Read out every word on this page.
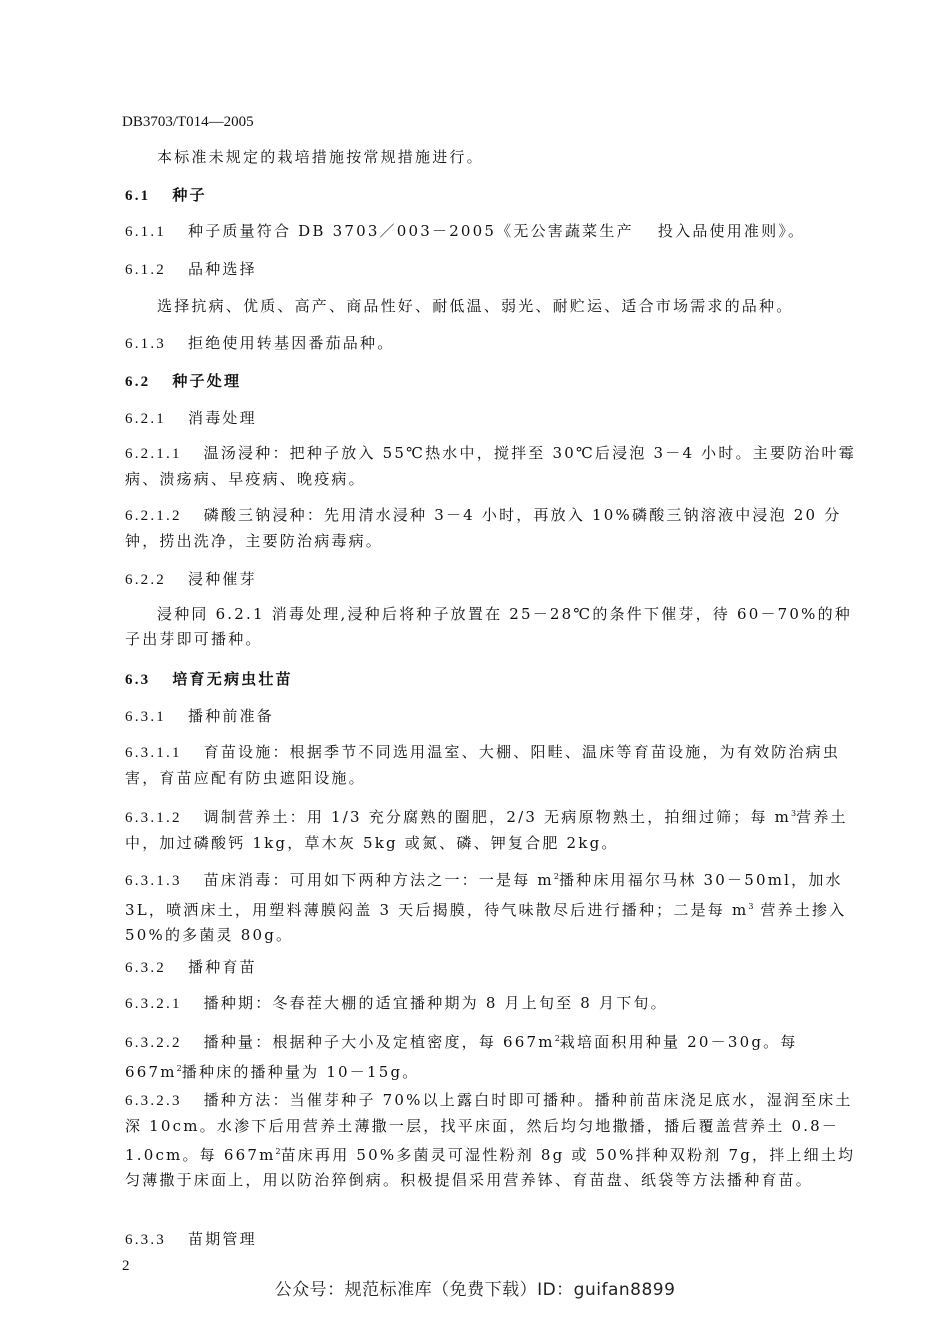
DB3703/T014—2005
本标准未规定的栽培措施按常规措施进行。
6.1 种子
6.1.1 种子质量符合 DB 3703／003－2005《无公害蔬菜生产　 投入品使用准则》。
6.1.2 品种选择
选择抗病、优质、高产、商品性好、耐低温、弱光、耐贮运、适合市场需求的品种。
6.1.3 拒绝使用转基因番茄品种。
6.2 种子处理
6.2.1 消毒处理
6.2.1.1 温汤浸种：把种子放入 55℃热水中，搅拌至 30℃后浸泡 3－4 小时。主要防治叶霉病、溃疡病、早疫病、晚疫病。
6.2.1.2 磷酸三钠浸种：先用清水浸种 3－4 小时，再放入 10%磷酸三钠溶液中浸泡 20 分钟，捞出洗净，主要防治病毒病。
6.2.2 浸种催芽
浸种同 6.2.1 消毒处理,浸种后将种子放置在 25－28℃的条件下催芽，待 60－70%的种子出芽即可播种。
6.3 培育无病虫壮苗
6.3.1 播种前准备
6.3.1.1 育苗设施：根据季节不同选用温室、大棚、阳畦、温床等育苗设施，为有效防治病虫害，育苗应配有防虫遮阳设施。
6.3.1.2 调制营养土：用 1/3 充分腐熟的圈肥，2/3 无病原物熟土，拍细过筛；每 $m^3$营养土中，加过磷酸钙 1kg，草木灰 5kg 或氮、磷、钾复合肥 2kg。
6.3.1.3 苗床消毒：可用如下两种方法之一：一是每 $m^2$播种床用福尔马林 30－50ml，加水 3L，喷洒床土，用塑料薄膜闷盖 3 天后揭膜，待气味散尽后进行播种；二是每 $m^3$ 营养土掺入 50%的多菌灵 80g。
6.3.2 播种育苗
6.3.2.1 播种期：冬春茬大棚的适宜播种期为 8 月上旬至 8 月下旬。
6.3.2.2 播种量：根据种子大小及定植密度，每 $667m^2$栽培面积用种量 20－30g。每 $667m^2$播种床的播种量为 10－15g。
6.3.2.3 播种方法：当催芽种子 70%以上露白时即可播种。播种前苗床浇足底水，湿润至床土深 10cm。水渗下后用营养土薄撒一层，找平床面，然后均匀地撒播，播后覆盖营养土 0.8－1.0cm。每 $667m^2$苗床再用 50%多菌灵可湿性粉剂 8g 或 50%拌种双粉剂 7g，拌上细土均匀薄撒于床面上，用以防治猝倒病。积极提倡采用营养钵、育苗盘、纸袋等方法播种育苗。
6.3.3 苗期管理
2
公众号：规范标准库（免费下载）ID：guifan8899
